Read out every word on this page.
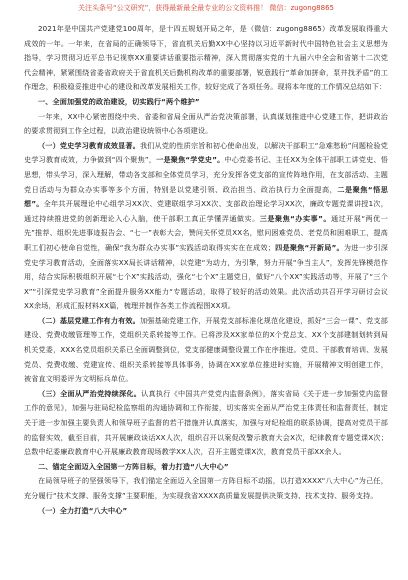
关注头条号“公文研究”，获得最新最全最专业的公文资料推！ 微信：zugong8865

2021年是中国共产党建党100周年，是十四五规划开局之年，是（微信：zugong8865）改革发展取得重大成效的一年。一年来，在省局的正确领导下，省直机关后勤XX中心坚持以习近平新时代中国特色社会主义思想为指导，学习贯彻习近平总书记视察XX重要讲话重要指示精神，深入贯彻落实党的十九届六中全会和省第十二次党代会精神，紧紧围绕省委省政府关于省直机关后勤机构改革的重要部署，锐意践行“革命加拼命，泵井找矛盾”的工作理念，积极稳妥推进中心的建设和改革发展相关工作，较好完成了各项任务。现将本年度的工作情况总结如下：

一、全面加强党的政治建设，切实践行“两个维护”

一年来，XX中心紧密围绕中央、省委和省局全面从严治党决策部署，认真谋划推进中心党建工作，把讲政治的要求贯彻到工作全过程，以政治建设统领中心各项建设。

（一）党史学习教育成效显著。我们从党的性质宗旨和初心使命出发，以解决干部职工“急难愁盼”问题检验党史学习教育成效，力争做到“四个聚焦”，一是聚焦“学党史”。中心党委书记、主任XX为全体干部职工讲党史、悟思想，带头学习，深入理解，带动各支部和全体党员学习，充分发挥各党支部的宣传阵地作用，在支部活动、主题党日活动与为群众办实事等多个方面，特别是以党建引领、政治担当、政治执行力全面提高，二是聚焦“悟思想”。全年共开展理论中心组学习XX次、党建联组学习XX次、支部政治理论学习XX次，廉政专题党课讲授1次，通过持续推进党的创新理论入心入脑，使干部职工真正学懂弄通做实。三是聚焦“办实事”。通过开展“两优一先”推荐、组织先进事迹报告会、“七一”表彰大会，赞问关怀党员XX名，慰问困难党员、老党员和困难职工，提高职工们初心使命自觉性，确保“我为群众办实事”实践活动取得实实在在成效；四是聚焦“开新局”。为进一步引深党史学习教育活动，全面落实XX局长讲话精神，以党建“为动力，为引擎，努力开展“争当主人”，发挥先锋模范作用，结合实际积极组织开展“七个X”实践活动，强化“七个X”主题党日，做好“八个XX”实践活动等，开展了“三个X”“引深党史学习教育”全面提升服务XX能力“专题活动，取得了较好的活动效果。此次活动共召开学习研讨会议XX余场，形成汇报材料XX篇，梳理并制作各类工作流程图XX项。

（二）基层党建工作有力有效。加强基础党建工作，开展党支部标准化规范化建设，抓好“三会一课”、党支部建设、党费收缴管理等工作，党组织关系转接等工作。已将涉及XX家单位的X个党总支、XX个支部建制划转到局机关党委，XXX名党员组织关系已全面调整到位，党支部健康调整设置工作在序推进。党员、干部教育培训、发展党员、党费收缴、党建宣传、组织关系转接等具体事务，协调在XX家单位推进时实施，开展精神文明创建工作，被省直文明委评为文明标兵单位。

（三）全面从严治党持续深化。认真执行《中国共产党党内监督条例》，落实省局《关于进一步加强党内监督工作的意见》，加强与驻局纪检监察组的沟通协调和工作衔接，切实落实全面从严治党主体责任和监督责任，制定关于进一步加强主要负责人和领导班子监督的若干措施并认真落实，加强与对纪检组的联系协调，提高对党员干部的监督实效，截至目前，共开展廉政谈话XX人次，组织召开以案促改警示教育大会X次，纪律教育专题党课X次；总数中纪委廉政教育中心开展廉政教育现场教学XX人次，召开主题党课X次，教育党员干部XX余人。

二、锚定全面迈入全国第一方阵目标，着力打造“八大中心”

在局领导班子的坚强领导下，我们锚定全面迈入全国第一方阵目标不动摇，以打造XXXX“八大中心”为己任，充分履行“技术支撑、服务支撑”主要职能，为实现我省XXXX高质量发展提供决策支持、技术支持、服务支持。

（一）全力打造“八大中心”
